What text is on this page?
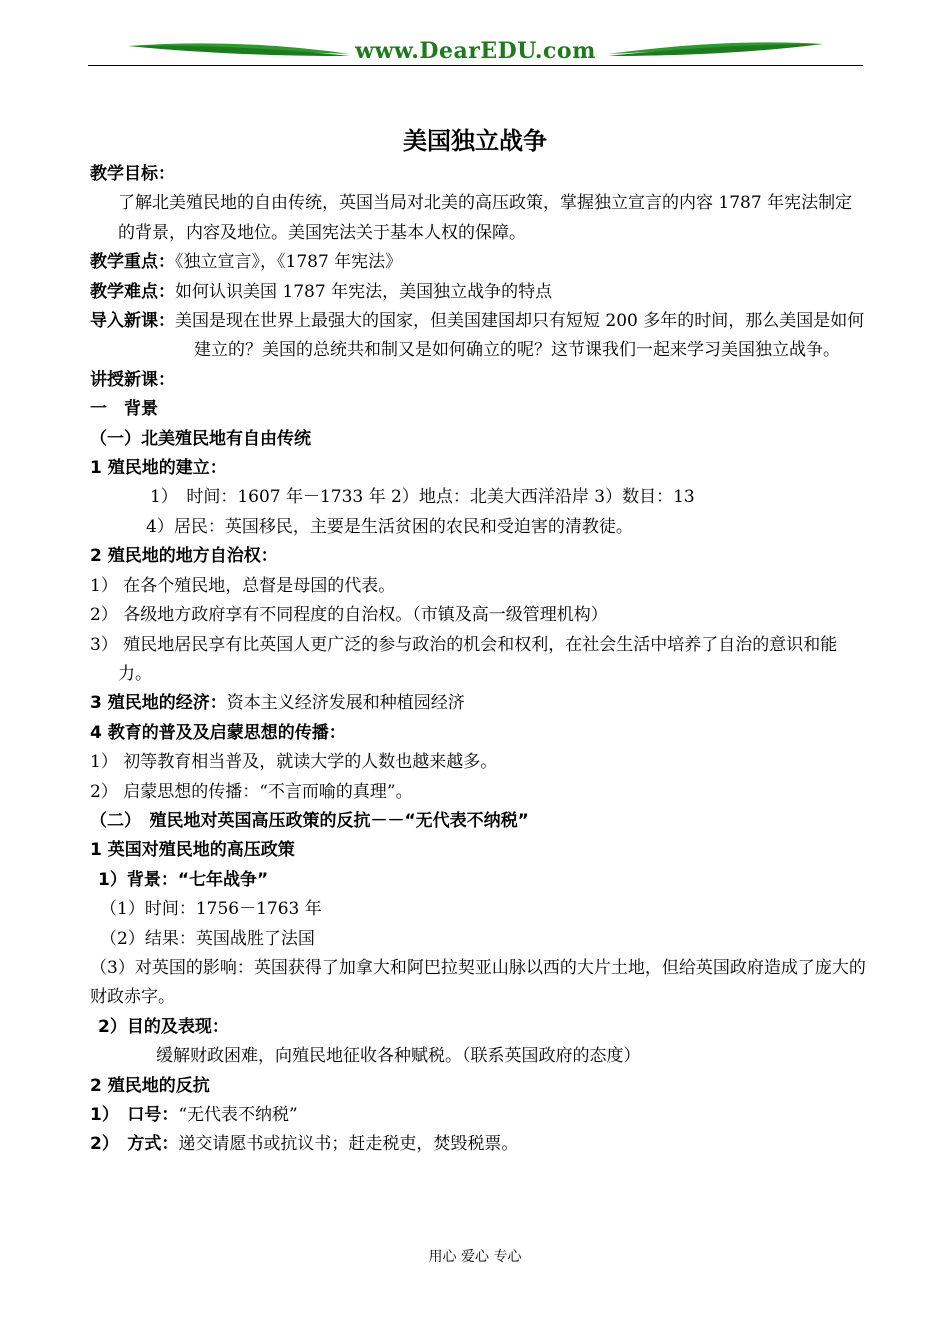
www.DearEDU.com
美国独立战争

教学目标：

了解北美殖民地的自由传统，英国当局对北美的高压政策，掌握独立宣言的内容 1787 年宪法制定的背景，内容及地位。美国宪法关于基本人权的保障。

教学重点：《独立宣言》，《1787 年宪法》

教学难点：如何认识美国 1787 年宪法，美国独立战争的特点

导入新课：美国是现在世界上最强大的国家，但美国建国却只有短短 200 多年的时间，那么美国是如何建立的？美国的总统共和制又是如何确立的呢？这节课我们一起来学习美国独立战争。

讲授新课：

一　背景

（一）北美殖民地有自由传统

1 殖民地的建立：

1）　时间：1607 年－1733 年 2）地点：北美大西洋沿岸 3）数目：13

4）居民：英国移民，主要是生活贫困的农民和受迫害的清教徒。

2 殖民地的地方自治权：

1） 在各个殖民地，总督是母国的代表。

2） 各级地方政府享有不同程度的自治权。（市镇及高一级管理机构）

3） 殖民地居民享有比英国人更广泛的参与政治的机会和权利，在社会生活中培养了自治的意识和能力。

3 殖民地的经济：资本主义经济发展和种植园经济

4 教育的普及及启蒙思想的传播：

1） 初等教育相当普及，就读大学的人数也越来越多。

2） 启蒙思想的传播：“不言而喻的真理”。

（二）　殖民地对英国高压政策的反抗－－“无代表不纳税”

1 英国对殖民地的高压政策

1）背景：“七年战争”

（1）时间：1756－1763 年

（2）结果：英国战胜了法国

（3）对英国的影响：英国获得了加拿大和阿巴拉契亚山脉以西的大片土地，但给英国政府造成了庞大的财政赤字。

2）目的及表现：

缓解财政困难，向殖民地征收各种赋税。（联系英国政府的态度）

2 殖民地的反抗

1）　口号：“无代表不纳税”

2）　方式：递交请愿书或抗议书；赶走税吏，焚毁税票。

用心 爱心 专心
